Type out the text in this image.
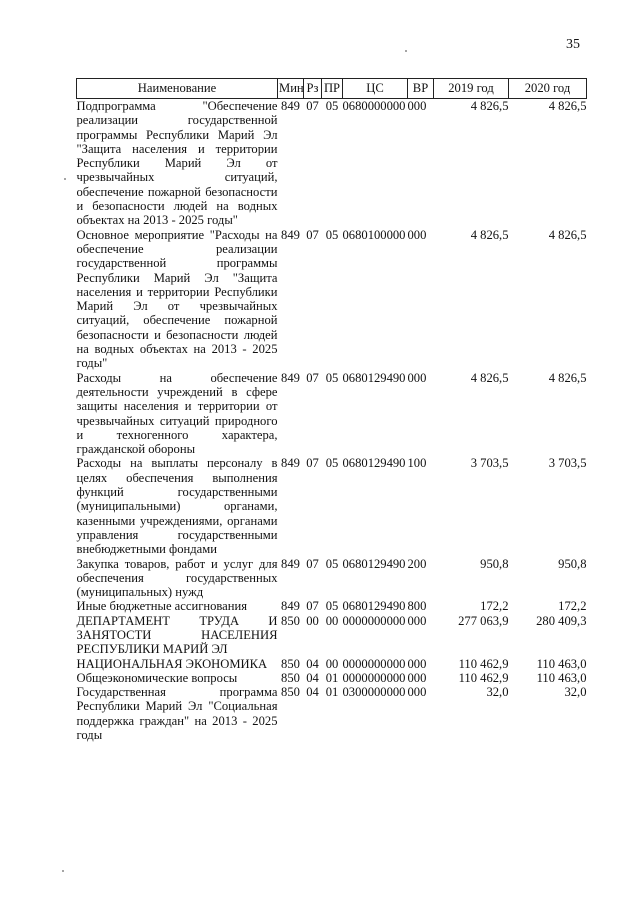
35
Наименование	Мин	Рз	ПР	ЦС	ВР	2019 год	2020 год
Подпрограмма "Обеспечение реализации государственной программы Республики Марий Эл "Защита населения и территории Республики Марий Эл от чрезвычайных ситуаций, обеспечение пожарной безопасности и безопасности людей на водных объектах на 2013 - 2025 годы"	849	07	05	0680000000	000	4 826,5	4 826,5
Основное мероприятие "Расходы на обеспечение реализации государственной программы Республики Марий Эл "Защита населения и территории Республики Марий Эл от чрезвычайных ситуаций, обеспечение пожарной безопасности и безопасности людей на водных объектах на 2013 - 2025 годы"	849	07	05	0680100000	000	4 826,5	4 826,5
Расходы на обеспечение деятельности учреждений в сфере защиты населения и территории от чрезвычайных ситуаций природного и техногенного характера, гражданской обороны	849	07	05	0680129490	000	4 826,5	4 826,5
Расходы на выплаты персоналу в целях обеспечения выполнения функций государственными (муниципальными) органами, казенными учреждениями, органами управления государственными внебюджетными фондами	849	07	05	0680129490	100	3 703,5	3 703,5
Закупка товаров, работ и услуг для обеспечения государственных (муниципальных) нужд	849	07	05	0680129490	200	950,8	950,8
Иные бюджетные ассигнования	849	07	05	0680129490	800	172,2	172,2
ДЕПАРТАМЕНТ ТРУДА И ЗАНЯТОСТИ НАСЕЛЕНИЯ РЕСПУБЛИКИ МАРИЙ ЭЛ	850	00	00	0000000000	000	277 063,9	280 409,3
НАЦИОНАЛЬНАЯ ЭКОНОМИКА	850	04	00	0000000000	000	110 462,9	110 463,0
Общеэкономические вопросы	850	04	01	0000000000	000	110 462,9	110 463,0
Государственная программа Республики Марий Эл "Социальная поддержка граждан" на 2013 - 2025 годы	850	04	01	0300000000	000	32,0	32,0
